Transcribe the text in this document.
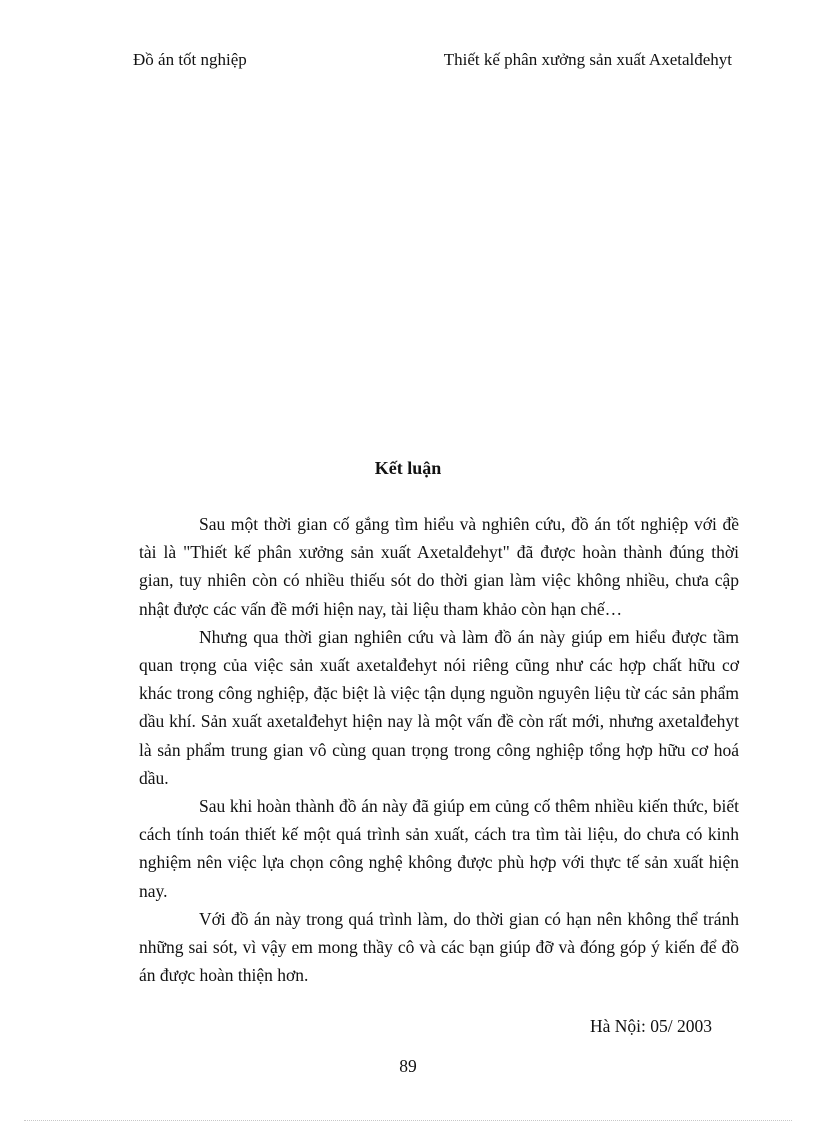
Đồ án tốt nghiệp	Thiết kế phân xưởng sản xuất Axetalđehyt
Kết luận

Sau một thời gian cố gắng tìm hiểu và nghiên cứu, đồ án tốt nghiệp với đề tài là "Thiết kế phân xưởng sản xuất Axetalđehyt" đã được hoàn thành đúng thời gian, tuy nhiên còn có nhiều thiếu sót do thời gian làm việc không nhiều, chưa cập nhật được các vấn đề mới hiện nay, tài liệu tham khảo còn hạn chế…

Nhưng qua thời gian nghiên cứu và làm đồ án này giúp em hiểu được tầm quan trọng của việc sản xuất axetalđehyt nói riêng cũng như các hợp chất hữu cơ khác trong công nghiệp, đặc biệt là việc tận dụng nguồn nguyên liệu từ các sản phẩm dầu khí. Sản xuất axetalđehyt hiện nay là một vấn đề còn rất mới, nhưng axetalđehyt là sản phẩm trung gian vô cùng quan trọng trong công nghiệp tổng hợp hữu cơ hoá dầu.

Sau khi hoàn thành đồ án này đã giúp em củng cố thêm nhiều kiến thức, biết cách tính toán thiết kế một quá trình sản xuất, cách tra tìm tài liệu, do chưa có kinh nghiệm nên việc lựa chọn công nghệ không được phù hợp với thực tế sản xuất hiện nay.

Với đồ án này trong quá trình làm, do thời gian có hạn nên không thể tránh những sai sót, vì vậy em mong thầy cô và các bạn giúp đỡ và đóng góp ý kiến để đồ án được hoàn thiện hơn.

Hà Nội: 05/ 2003
89
